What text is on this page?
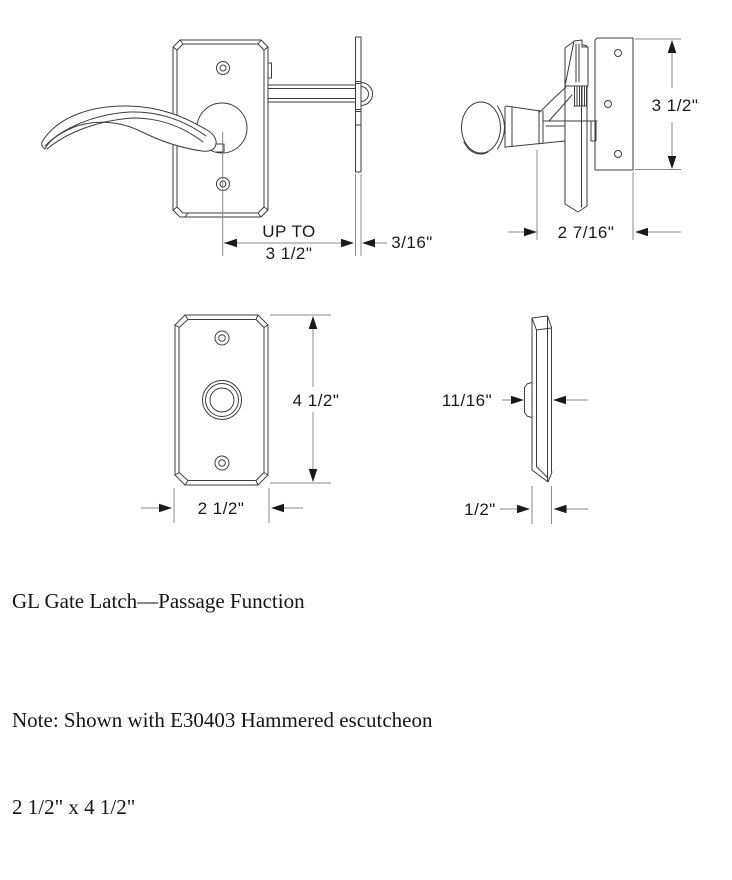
UP TO
3 1/2"
3/16"
2 7/16"
3 1/2"
4 1/2"
2 1/2"
11/16"
1/2"
GL Gate Latch—Passage Function

Note: Shown with E30403 Hammered escutcheon

2 1/2" x 4 1/2"
